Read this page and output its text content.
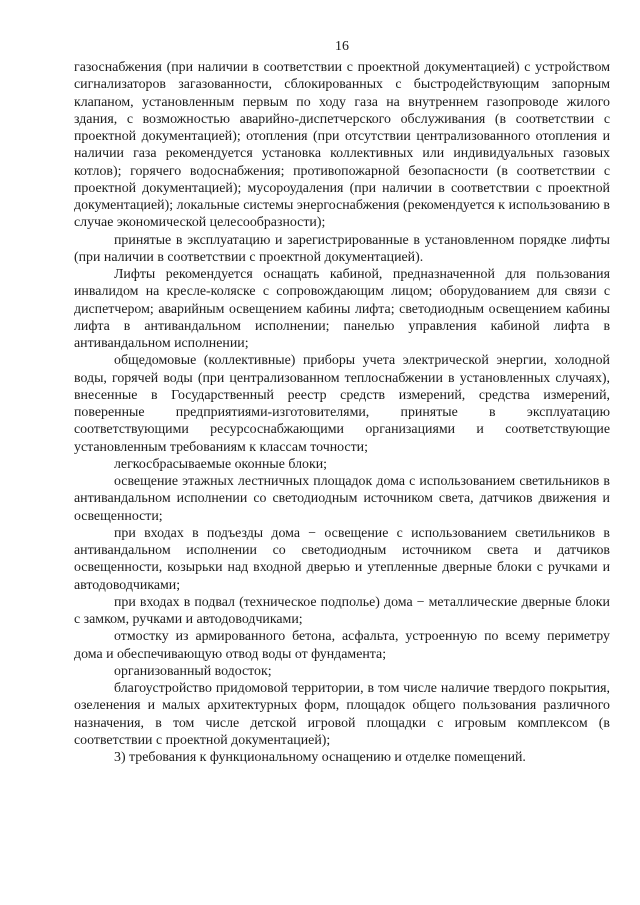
16

газоснабжения (при наличии в соответствии с проектной документацией) с устройством сигнализаторов загазованности, сблокированных с быстродействующим запорным клапаном, установленным первым по ходу газа на внутреннем газопроводе жилого здания, с возможностью аварийно-диспетчерского обслуживания (в соответствии с проектной документацией); отопления (при отсутствии централизованного отопления и наличии газа рекомендуется установка коллективных или индивидуальных газовых котлов); горячего водоснабжения; противопожарной безопасности (в соответствии с проектной документацией); мусороудаления (при наличии в соответствии с проектной документацией); локальные системы энергоснабжения (рекомендуется к использованию в случае экономической целесообразности);

принятые в эксплуатацию и зарегистрированные в установленном порядке лифты (при наличии в соответствии с проектной документацией).

Лифты рекомендуется оснащать кабиной, предназначенной для пользования инвалидом на кресле-коляске с сопровождающим лицом; оборудованием для связи с диспетчером; аварийным освещением кабины лифта; светодиодным освещением кабины лифта в антивандальном исполнении; панелью управления кабиной лифта в антивандальном исполнении;

общедомовые (коллективные) приборы учета электрической энергии, холодной воды, горячей воды (при централизованном теплоснабжении в установленных случаях), внесенные в Государственный реестр средств измерений, средства измерений, поверенные предприятиями-изготовителями, принятые в эксплуатацию соответствующими ресурсоснабжающими организациями и соответствующие установленным требованиям к классам точности;

легкосбрасываемые оконные блоки;

освещение этажных лестничных площадок дома с использованием светильников в антивандальном исполнении со светодиодным источником света, датчиков движения и освещенности;

при входах в подъезды дома − освещение с использованием светильников в антивандальном исполнении со светодиодным источником света и датчиков освещенности, козырьки над входной дверью и утепленные дверные блоки с ручками и автодоводчиками;

при входах в подвал (техническое подполье) дома − металлические дверные блоки с замком, ручками и автодоводчиками;

отмостку из армированного бетона, асфальта, устроенную по всему периметру дома и обеспечивающую отвод воды от фундамента;

организованный водосток;

благоустройство придомовой территории, в том числе наличие твердого покрытия, озеленения и малых архитектурных форм, площадок общего пользования различного назначения, в том числе детской игровой площадки с игровым комплексом (в соответствии с проектной документацией);

3) требования к функциональному оснащению и отделке помещений.
